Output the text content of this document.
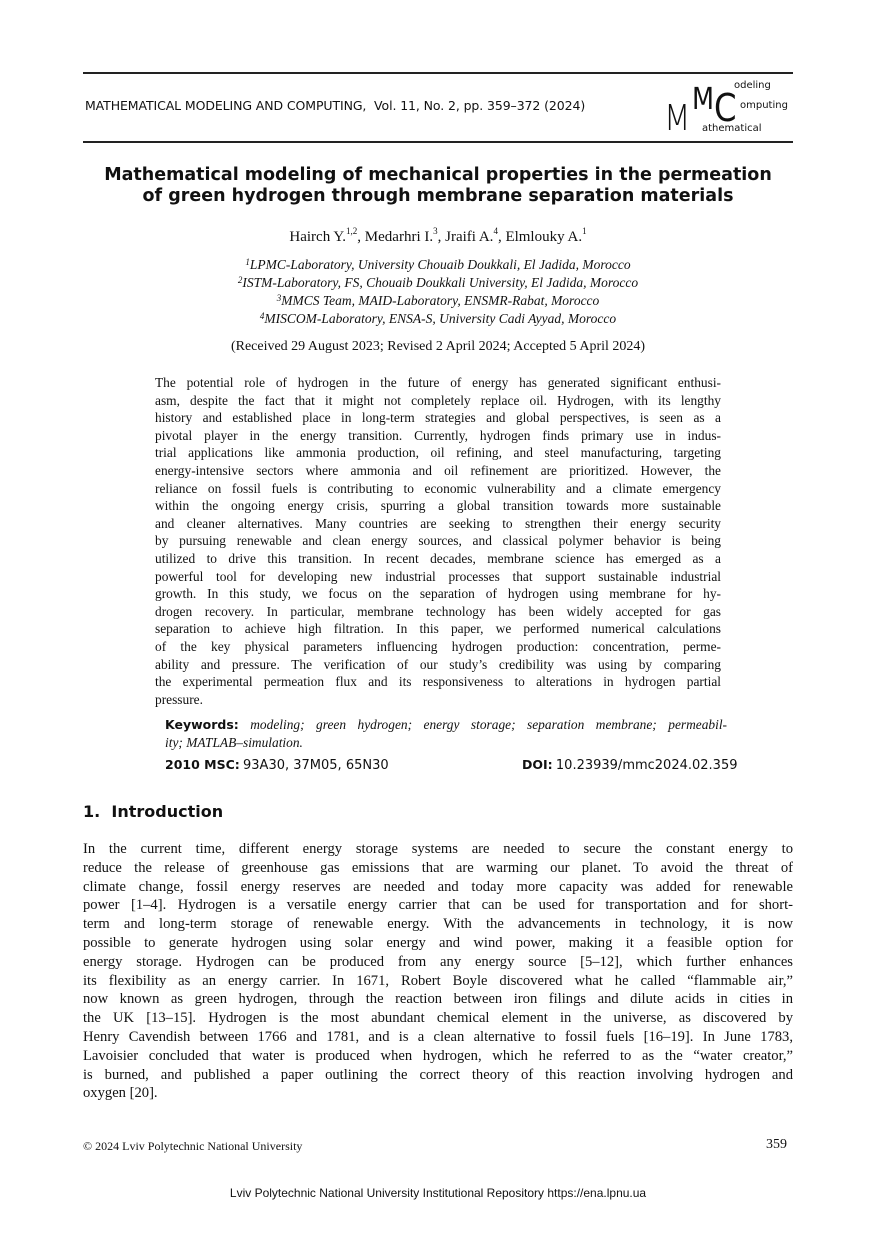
MATHEMATICAL MODELING AND COMPUTING, Vol. 11, No. 2, pp. 359–372 (2024) M M C
odeling
omputing
athematical
Mathematical modeling of mechanical properties in the permeation
of green hydrogen through membrane separation materials
Hairch Y.$^{1,2}$, Medarhri I.$^3$, Jraifi A.$^4$, Elmlouky A.$^1$
$^1$LPMC-Laboratory, University Chouaib Doukkali, El Jadida, Morocco
$^2$ISTM-Laboratory, FS, Chouaib Doukkali University, El Jadida, Morocco
$^3$MMCS Team, MAID-Laboratory, ENSMR-Rabat, Morocco
$^4$MISCOM-Laboratory, ENSA-S, University Cadi Ayyad, Morocco
(Received 29 August 2023; Revised 2 April 2024; Accepted 5 April 2024)
The potential role of hydrogen in the future of energy has generated significant enthusi-
asm, despite the fact that it might not completely replace oil. Hydrogen, with its lengthy
history and established place in long-term strategies and global perspectives, is seen as a
pivotal player in the energy transition. Currently, hydrogen finds primary use in indus-
trial applications like ammonia production, oil refining, and steel manufacturing, targeting
energy-intensive sectors where ammonia and oil refinement are prioritized. However, the
reliance on fossil fuels is contributing to economic vulnerability and a climate emergency
within the ongoing energy crisis, spurring a global transition towards more sustainable
and cleaner alternatives. Many countries are seeking to strengthen their energy security
by pursuing renewable and clean energy sources, and classical polymer behavior is being
utilized to drive this transition. In recent decades, membrane science has emerged as a
powerful tool for developing new industrial processes that support sustainable industrial
growth. In this study, we focus on the separation of hydrogen using membrane for hy-
drogen recovery. In particular, membrane technology has been widely accepted for gas
separation to achieve high filtration. In this paper, we performed numerical calculations
of the key physical parameters influencing hydrogen production: concentration, perme-
ability and pressure. The verification of our study’s credibility was using by comparing
the experimental permeation flux and its responsiveness to alterations in hydrogen partial
pressure.
Keywords: modeling; green hydrogen; energy storage; separation membrane; permeabil-
ity; MATLAB–simulation.
2010 MSC: 93A30, 37M05, 65N30	DOI: 10.23939/mmc2024.02.359
1. Introduction
In the current time, different energy storage systems are needed to secure the constant energy to
reduce the release of greenhouse gas emissions that are warming our planet. To avoid the threat of
climate change, fossil energy reserves are needed and today more capacity was added for renewable
power [1–4]. Hydrogen is a versatile energy carrier that can be used for transportation and for short-
term and long-term storage of renewable energy. With the advancements in technology, it is now
possible to generate hydrogen using solar energy and wind power, making it a feasible option for
energy storage. Hydrogen can be produced from any energy source [5–12], which further enhances
its flexibility as an energy carrier. In 1671, Robert Boyle discovered what he called “flammable air,”
now known as green hydrogen, through the reaction between iron filings and dilute acids in cities in
the UK [13–15]. Hydrogen is the most abundant chemical element in the universe, as discovered by
Henry Cavendish between 1766 and 1781, and is a clean alternative to fossil fuels [16–19]. In June 1783,
Lavoisier concluded that water is produced when hydrogen, which he referred to as the “water creator,”
is burned, and published a paper outlining the correct theory of this reaction involving hydrogen and
oxygen [20].
© 2024 Lviv Polytechnic National University	359
Lviv Polytechnic National University Institutional Repository https://ena.lpnu.ua
